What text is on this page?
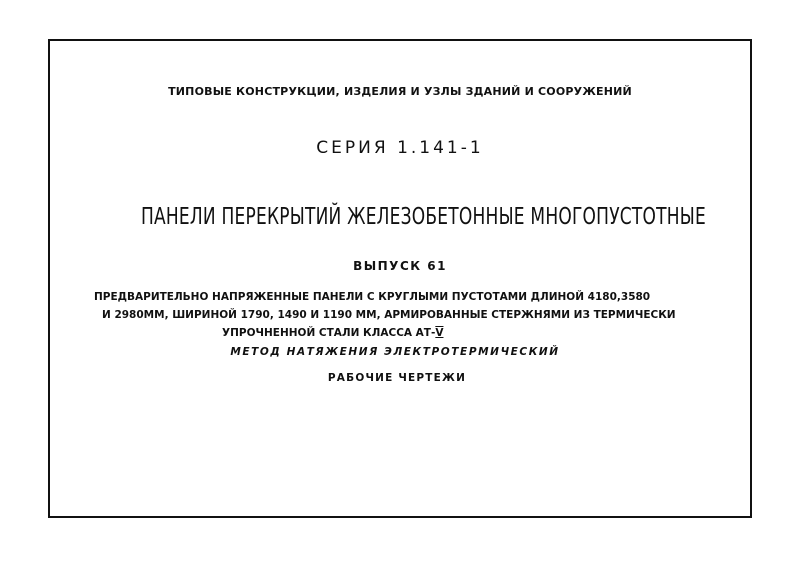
ТИПОВЫЕ КОНСТРУКЦИИ, ИЗДЕЛИЯ И УЗЛЫ ЗДАНИЙ И СООРУЖЕНИЙ
СЕРИЯ 1.141-1
ПАНЕЛИ ПЕРЕКРЫТИЙ ЖЕЛЕЗОБЕТОННЫЕ МНОГОПУСТОТНЫЕ
ВЫПУСК 61
ПРЕДВАРИТЕЛЬНО НАПРЯЖЕННЫЕ ПАНЕЛИ С КРУГЛЫМИ ПУСТОТАМИ ДЛИНОЙ 4180,3580
И 2980ММ, ШИРИНОЙ 1790, 1490 И 1190 ММ, АРМИРОВАННЫЕ СТЕРЖНЯМИ ИЗ ТЕРМИЧЕСКИ
УПРОЧНЕННОЙ СТАЛИ КЛАССА АТ-V
МЕТОД НАТЯЖЕНИЯ ЭЛЕКТРОТЕРМИЧЕСКИЙ
РАБОЧИЕ ЧЕРТЕЖИ
